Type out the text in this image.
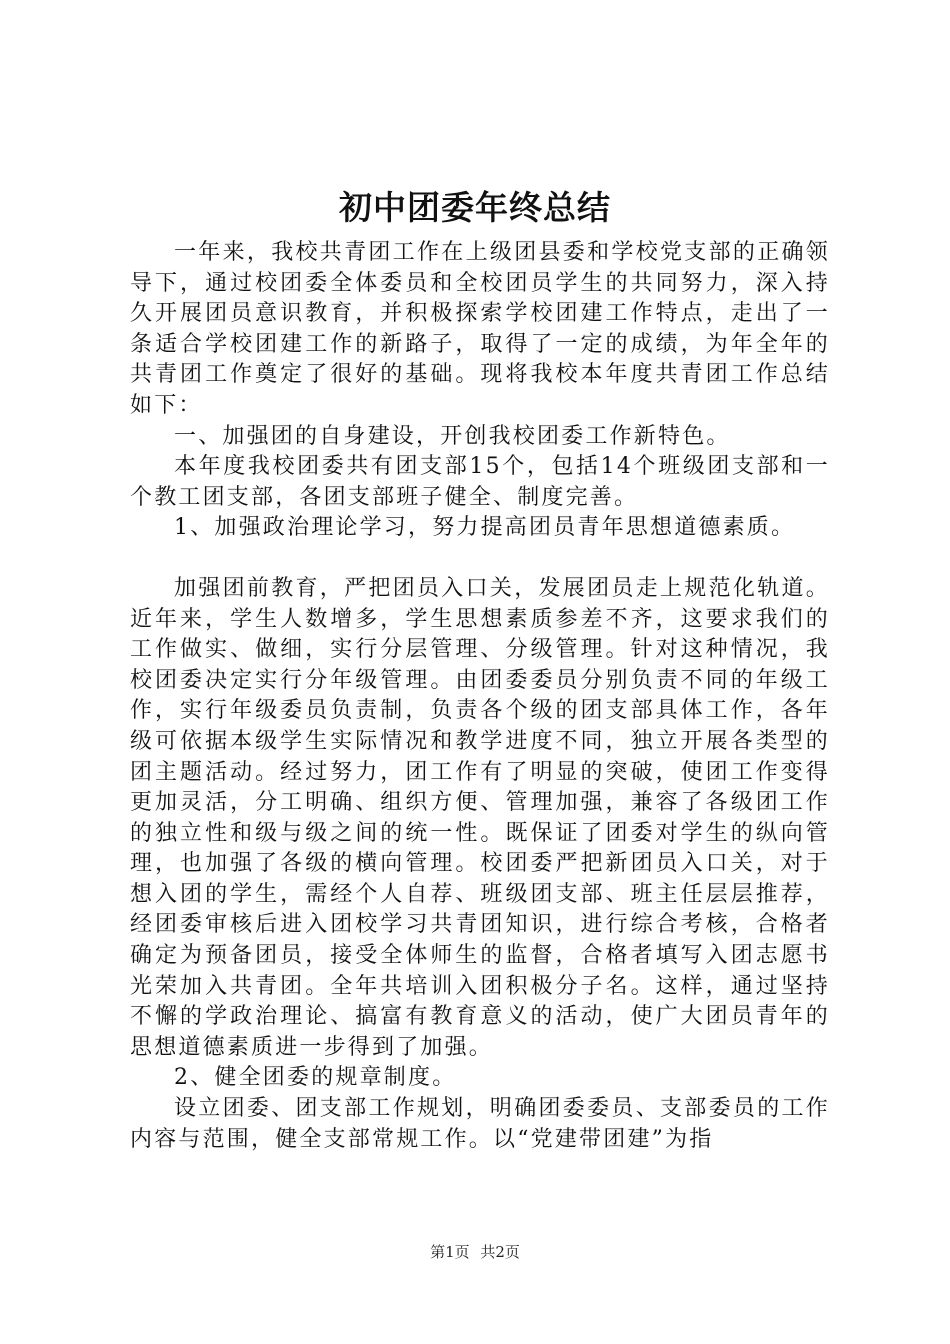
初中团委年终总结

一年来，我校共青团工作在上级团县委和学校党支部的正确领导下，通过校团委全体委员和全校团员学生的共同努力，深入持久开展团员意识教育，并积极探索学校团建工作特点，走出了一条适合学校团建工作的新路子，取得了一定的成绩，为年全年的共青团工作奠定了很好的基础。现将我校本年度共青团工作总结如下：

一、加强团的自身建设，开创我校团委工作新特色。

本年度我校团委共有团支部15个，包括14个班级团支部和一个教工团支部，各团支部班子健全、制度完善。

1、加强政治理论学习，努力提高团员青年思想道德素质。

加强团前教育，严把团员入口关，发展团员走上规范化轨道。近年来，学生人数增多，学生思想素质参差不齐，这要求我们的工作做实、做细，实行分层管理、分级管理。针对这种情况，我校团委决定实行分年级管理。由团委委员分别负责不同的年级工作，实行年级委员负责制，负责各个级的团支部具体工作，各年级可依据本级学生实际情况和教学进度不同，独立开展各类型的团主题活动。经过努力，团工作有了明显的突破，使团工作变得更加灵活，分工明确、组织方便、管理加强，兼容了各级团工作的独立性和级与级之间的统一性。既保证了团委对学生的纵向管理，也加强了各级的横向管理。校团委严把新团员入口关，对于想入团的学生，需经个人自荐、班级团支部、班主任层层推荐，经团委审核后进入团校学习共青团知识，进行综合考核，合格者确定为预备团员，接受全体师生的监督，合格者填写入团志愿书光荣加入共青团。全年共培训入团积极分子名。这样，通过坚持不懈的学政治理论、搞富有教育意义的活动，使广大团员青年的思想道德素质进一步得到了加强。

2、健全团委的规章制度。

设立团委、团支部工作规划，明确团委委员、支部委员的工作内容与范围，健全支部常规工作。以“党建带团建”为指

第1页 共2页
